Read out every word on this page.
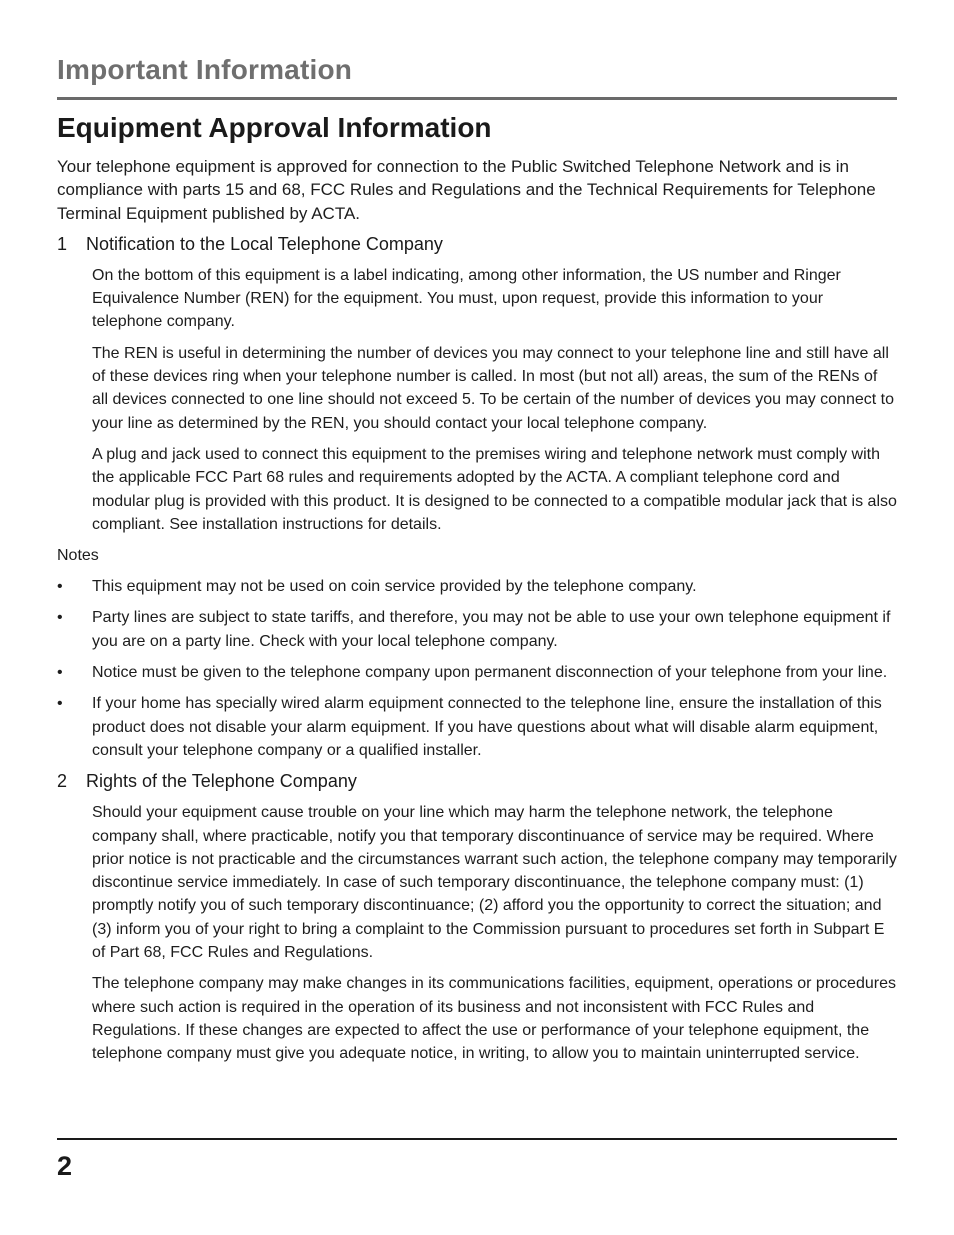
Important Information
Equipment Approval Information

Your telephone equipment is approved for connection to the Public Switched Telephone Network and is in compliance with parts 15 and 68, FCC Rules and Regulations and the Technical Requirements for Telephone Terminal Equipment published by ACTA.

1 Notification to the Local Telephone Company

On the bottom of this equipment is a label indicating, among other information, the US number and Ringer Equivalence Number (REN) for the equipment. You must, upon request, provide this information to your telephone company.

The REN is useful in determining the number of devices you may connect to your telephone line and still have all of these devices ring when your telephone number is called. In most (but not all) areas, the sum of the RENs of all devices connected to one line should not exceed 5. To be certain of the number of devices you may connect to your line as determined by the REN, you should contact your local telephone company.

A plug and jack used to connect this equipment to the premises wiring and telephone network must comply with the applicable FCC Part 68 rules and requirements adopted by the ACTA. A compliant telephone cord and modular plug is provided with this product. It is designed to be connected to a compatible modular jack that is also compliant. See installation instructions for details.

Notes

• This equipment may not be used on coin service provided by the telephone company.
• Party lines are subject to state tariffs, and therefore, you may not be able to use your own telephone equipment if you are on a party line. Check with your local telephone company.
• Notice must be given to the telephone company upon permanent disconnection of your telephone from your line.
• If your home has specially wired alarm equipment connected to the telephone line, ensure the installation of this product does not disable your alarm equipment. If you have questions about what will disable alarm equipment, consult your telephone company or a qualified installer.
2 Rights of the Telephone Company

Should your equipment cause trouble on your line which may harm the telephone network, the telephone company shall, where practicable, notify you that temporary discontinuance of service may be required. Where prior notice is not practicable and the circumstances warrant such action, the telephone company may temporarily discontinue service immediately. In case of such temporary discontinuance, the telephone company must: (1) promptly notify you of such temporary discontinuance; (2) afford you the opportunity to correct the situation; and (3) inform you of your right to bring a complaint to the Commission pursuant to procedures set forth in Subpart E of Part 68, FCC Rules and Regulations.

The telephone company may make changes in its communications facilities, equipment, operations or procedures where such action is required in the operation of its business and not inconsistent with FCC Rules and Regulations. If these changes are expected to affect the use or performance of your telephone equipment, the telephone company must give you adequate notice, in writing, to allow you to maintain uninterrupted service.

2
